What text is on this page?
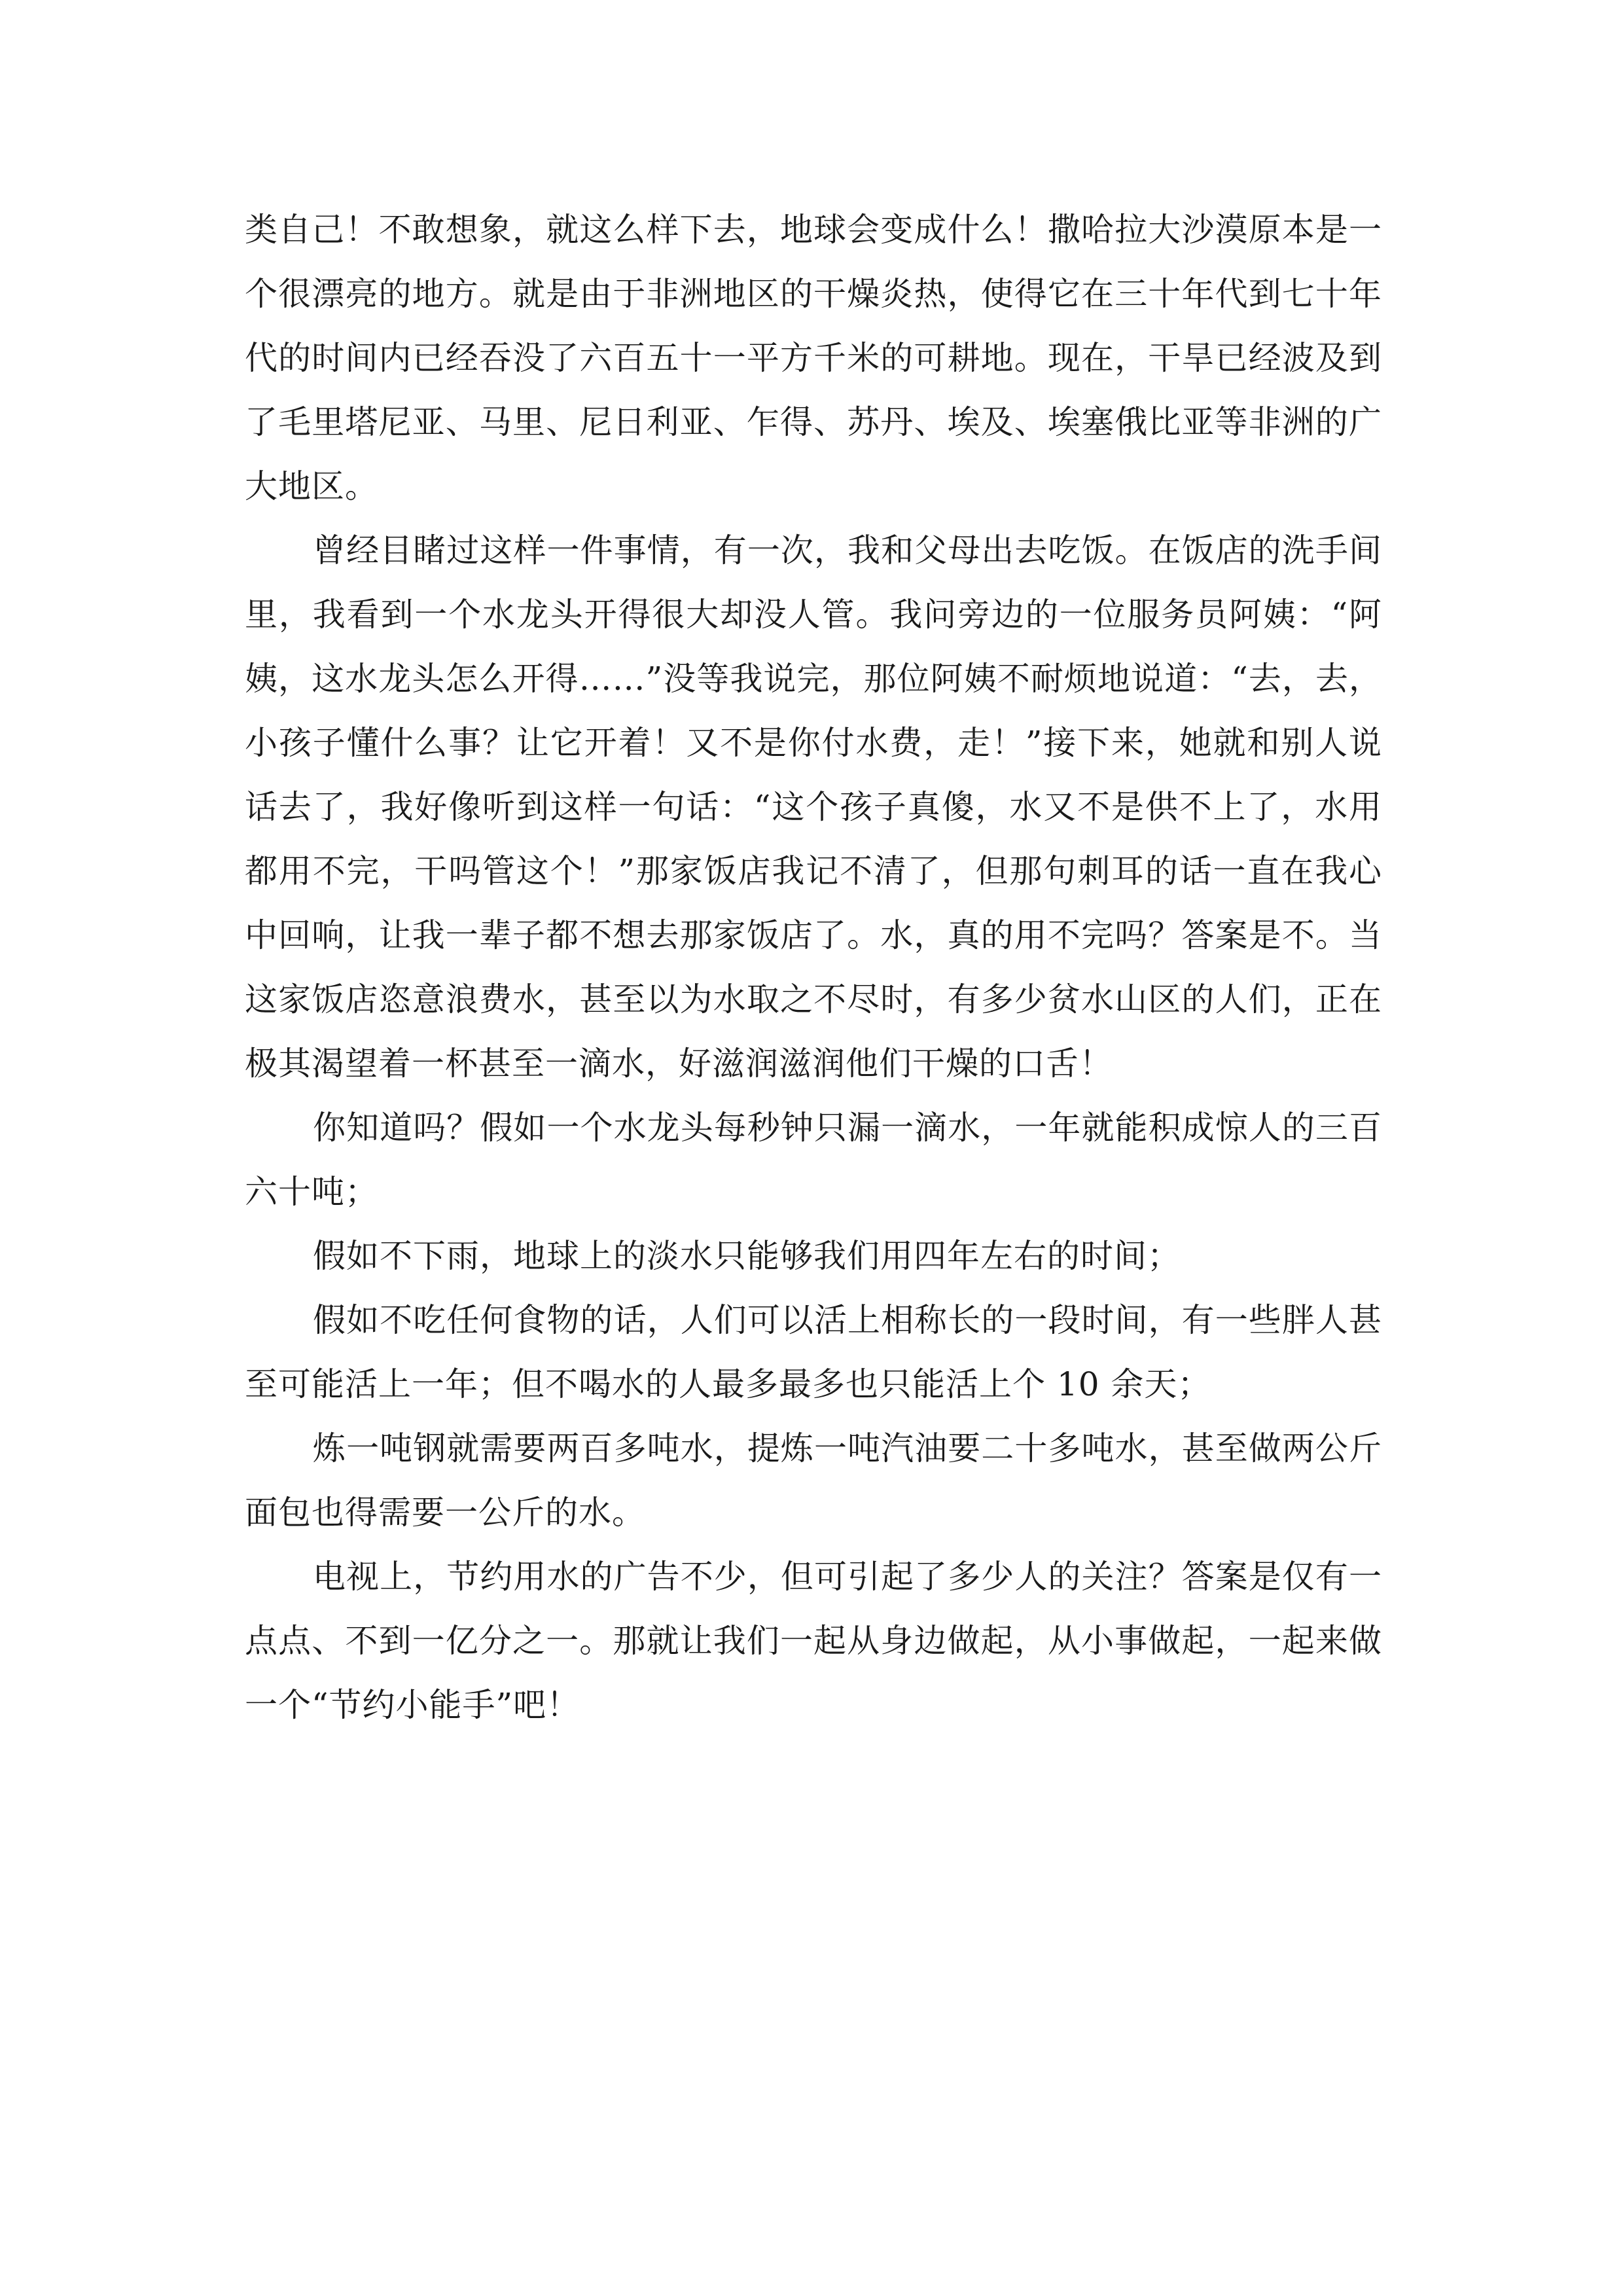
类自己！不敢想象，就这么样下去，地球会变成什么！撒哈拉大沙漠原本是一个很漂亮的地方。就是由于非洲地区的干燥炎热，使得它在三十年代到七十年代的时间内已经吞没了六百五十一平方千米的可耕地。现在，干旱已经波及到了毛里塔尼亚、马里、尼日利亚、乍得、苏丹、埃及、埃塞俄比亚等非洲的广大地区。

曾经目睹过这样一件事情，有一次，我和父母出去吃饭。在饭店的洗手间里，我看到一个水龙头开得很大却没人管。我问旁边的一位服务员阿姨：“阿姨，这水龙头怎么开得……”没等我说完，那位阿姨不耐烦地说道：“去，去，小孩子懂什么事？让它开着！又不是你付水费，走！”接下来，她就和别人说话去了，我好像听到这样一句话：“这个孩子真傻，水又不是供不上了，水用都用不完，干吗管这个！”那家饭店我记不清了，但那句刺耳的话一直在我心中回响，让我一辈子都不想去那家饭店了。水，真的用不完吗？答案是不。当这家饭店恣意浪费水，甚至以为水取之不尽时，有多少贫水山区的人们，正在极其渴望着一杯甚至一滴水，好滋润滋润他们干燥的口舌！

你知道吗？假如一个水龙头每秒钟只漏一滴水，一年就能积成惊人的三百六十吨；

假如不下雨，地球上的淡水只能够我们用四年左右的时间；

假如不吃任何食物的话，人们可以活上相称长的一段时间，有一些胖人甚至可能活上一年；但不喝水的人最多最多也只能活上个 10 余天；

炼一吨钢就需要两百多吨水，提炼一吨汽油要二十多吨水，甚至做两公斤面包也得需要一公斤的水。

电视上，节约用水的广告不少，但可引起了多少人的关注？答案是仅有一点点、不到一亿分之一。那就让我们一起从身边做起，从小事做起，一起来做一个“节约小能手”吧！
